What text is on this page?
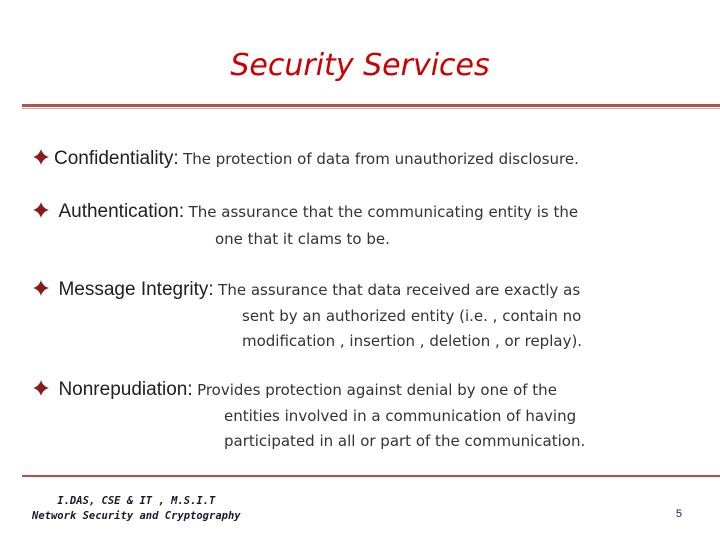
Security Services
Confidentiality: The protection of data from unauthorized disclosure.
Authentication: The assurance that the communicating entity is the
one that it clams to be.
Message Integrity: The assurance that data received are exactly as
sent by an authorized entity (i.e. , contain no
modification , insertion , deletion , or replay).
Nonrepudiation: Provides protection against denial by one of the
entities involved in a communication of having
participated in all or part of the communication.
I.DAS, CSE & IT , M.S.I.T
Network Security and Cryptography	5
